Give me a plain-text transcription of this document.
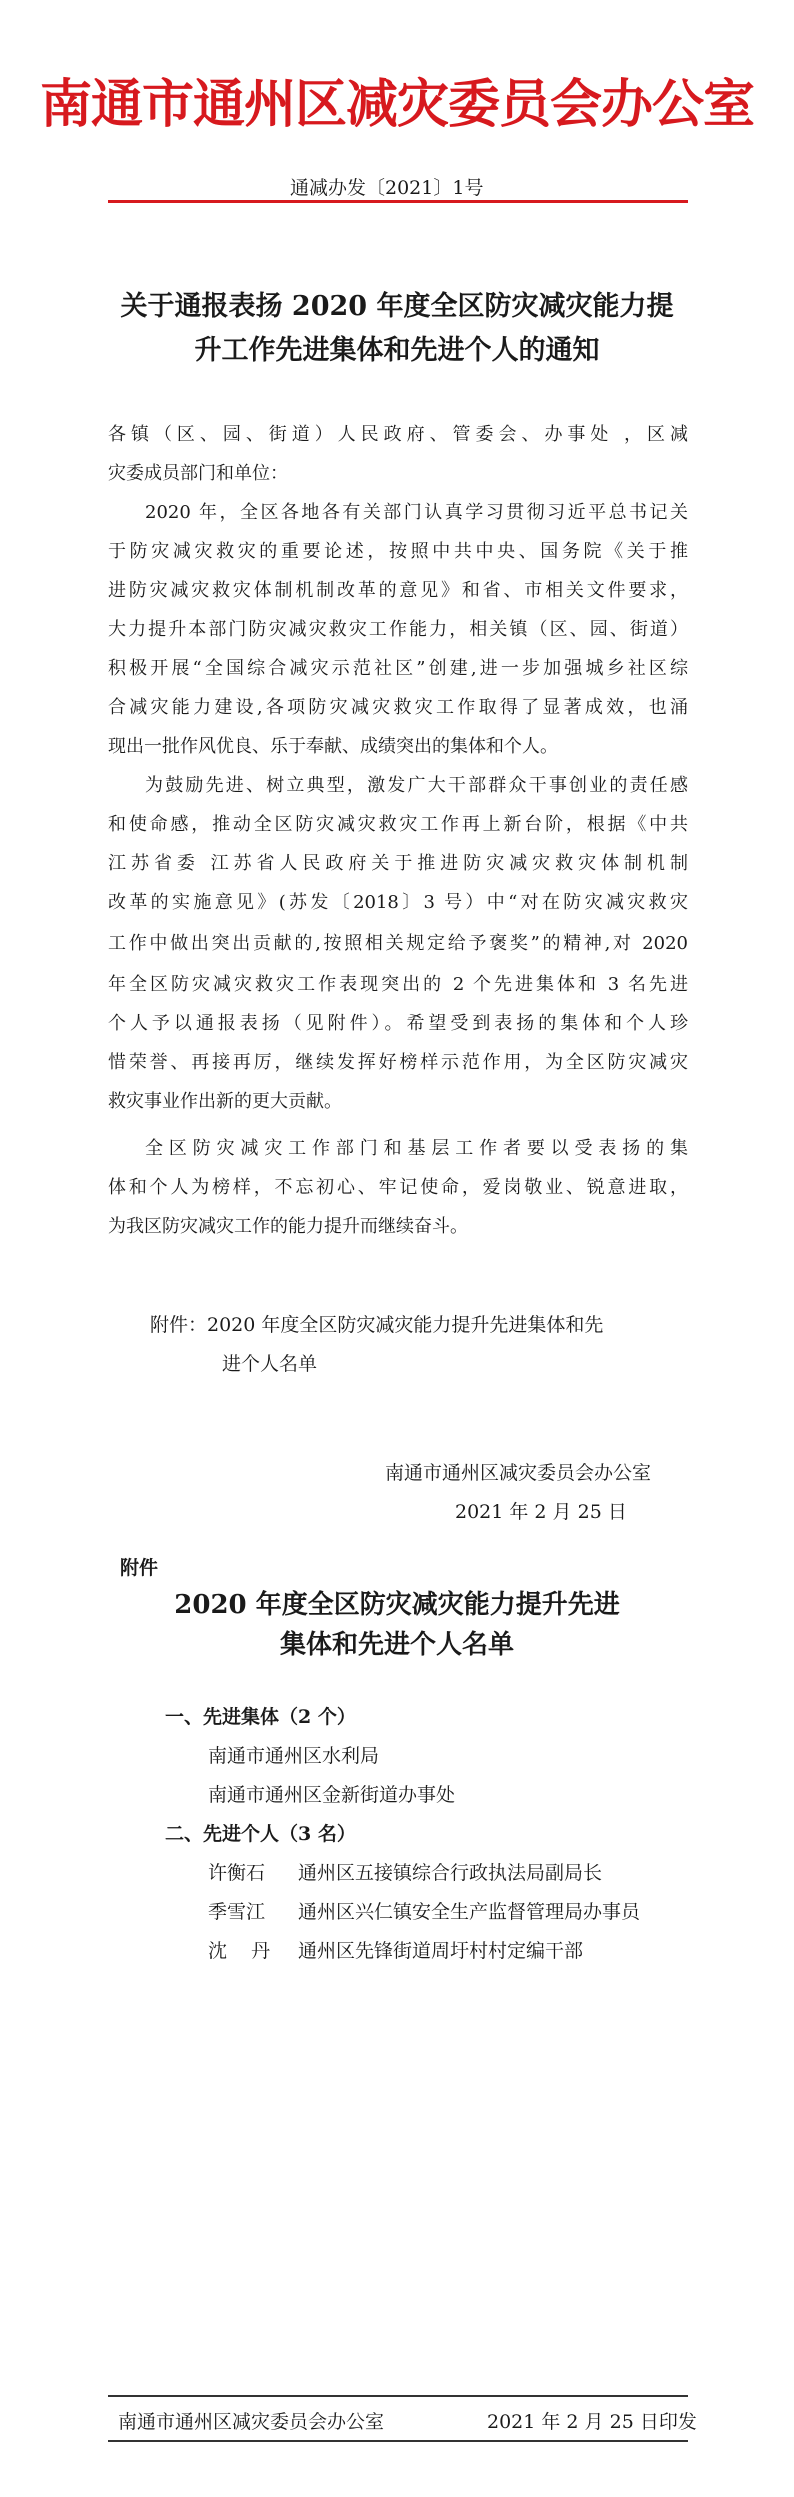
南通市通州区减灾委员会办公室
通减办发〔2021〕1号
关于通报表扬 2020 年度全区防灾减灾能力提
升工作先进集体和先进个人的通知
各镇（区、园、街道）人民政府、管委会、办事处 ，区减
灾委成员部门和单位：
2020 年，全区各地各有关部门认真学习贯彻习近平总书记关
于防灾减灾救灾的重要论述，按照中共中央、国务院《关于推
进防灾减灾救灾体制机制改革的意见》和省、市相关文件要求，
大力提升本部门防灾减灾救灾工作能力，相关镇（区、园、街道）
积极开展“全国综合减灾示范社区”创建,进一步加强城乡社区综
合减灾能力建设,各项防灾减灾救灾工作取得了显著成效，也涌
现出一批作风优良、乐于奉献、成绩突出的集体和个人。
为鼓励先进、树立典型，激发广大干部群众干事创业的责任感
和使命感，推动全区防灾减灾救灾工作再上新台阶，根据《中共
江苏省委 江苏省人民政府关于推进防灾减灾救灾体制机制
改革的实施意见》(苏发〔2018〕3 号）中“对在防灾减灾救灾
工作中做出突出贡献的,按照相关规定给予褒奖”的精神,对 2020
年全区防灾减灾救灾工作表现突出的 2 个先进集体和 3 名先进
个人予以通报表扬（见附件）。希望受到表扬的集体和个人珍
惜荣誉、再接再厉，继续发挥好榜样示范作用，为全区防灾减灾
救灾事业作出新的更大贡献。
全区防灾减灾工作部门和基层工作者要以受表扬的集
体和个人为榜样，不忘初心、牢记使命，爱岗敬业、锐意进取，
为我区防灾减灾工作的能力提升而继续奋斗。
附件：2020 年度全区防灾减灾能力提升先进集体和先
进个人名单
南通市通州区减灾委员会办公室
2021 年 2 月 25 日
附件
2020 年度全区防灾减灾能力提升先进
集体和先进个人名单
一、先进集体（2 个）
南通市通州区水利局
南通市通州区金新街道办事处
二、先进个人（3 名）
许衡石 通州区五接镇综合行政执法局副局长
季雪江 通州区兴仁镇安全生产监督管理局办事员
沈    丹 通州区先锋街道周圩村村定编干部
南通市通州区减灾委员会办公室	2021 年 2 月 25 日印发
